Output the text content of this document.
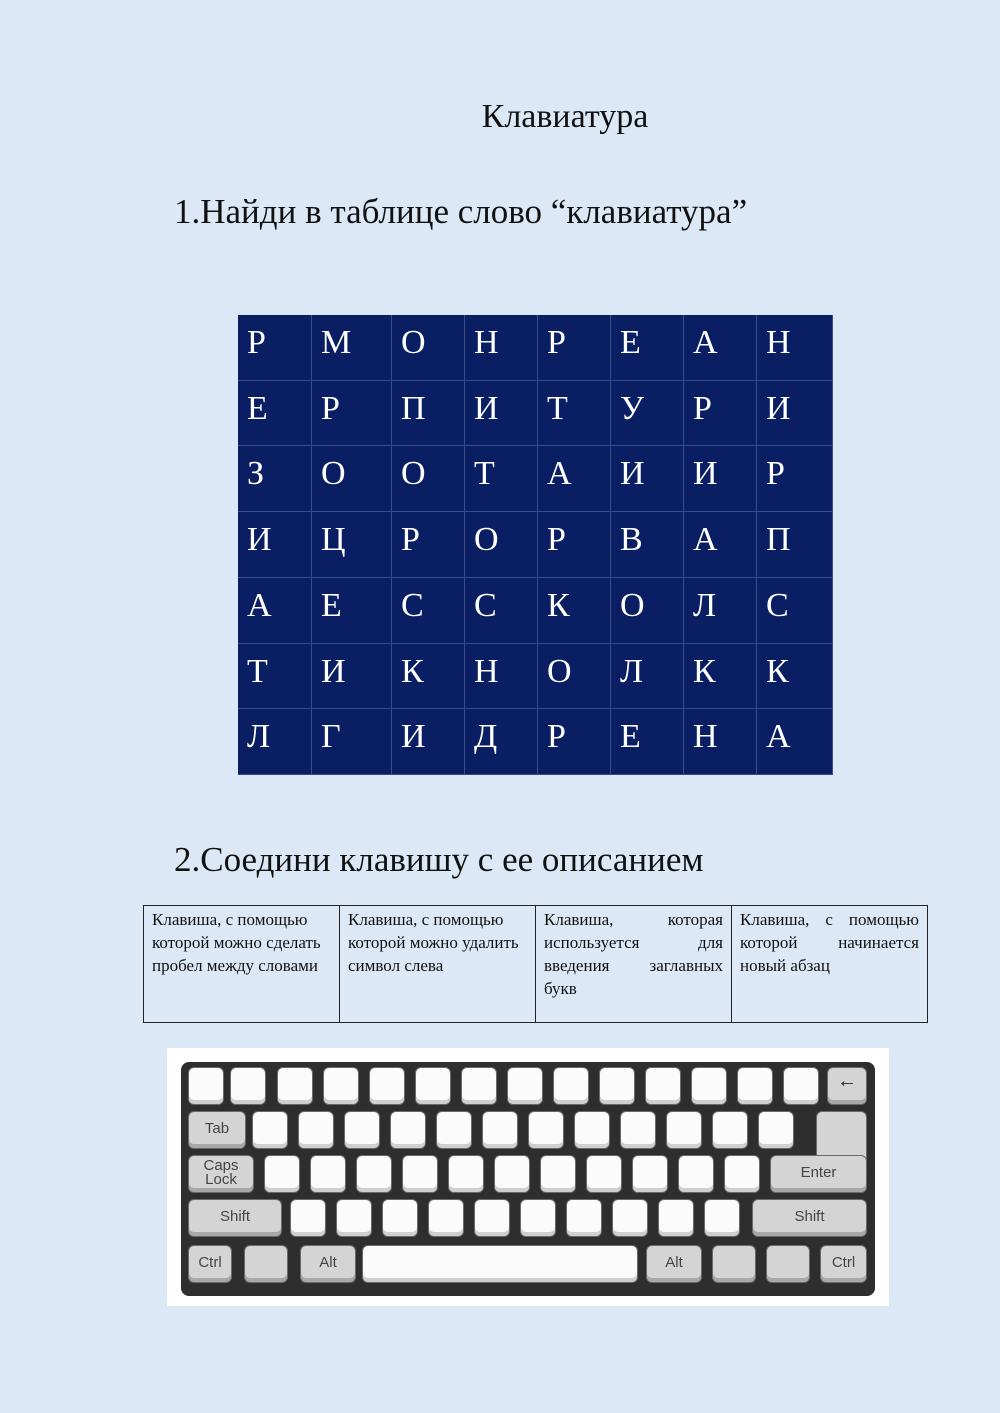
Клавиатура
1.Найди в таблице слово “клавиатура”
Р	М	О	Н	Р	Е	А	Н
Е	Р	П	И	Т	У	Р	И
З	О	О	Т	А	И	И	Р
И	Ц	Р	О	Р	В	А	П
А	Е	С	С	К	О	Л	С
Т	И	К	Н	О	Л	К	К
Л	Г	И	Д	Р	Е	Н	А
2.Соедини клавишу с ее описанием
Клавиша, с помощью которой можно сделать пробел между словами	Клавиша, с помощью которой можно удалить символ слева	Клавиша, которая используется для введения заглавных букв	Клавиша, с помощью которой начинается новый абзац
←
Tab
Caps
Lock	Enter
Shift	Shift
Ctrl	Alt	Alt	Ctrl
